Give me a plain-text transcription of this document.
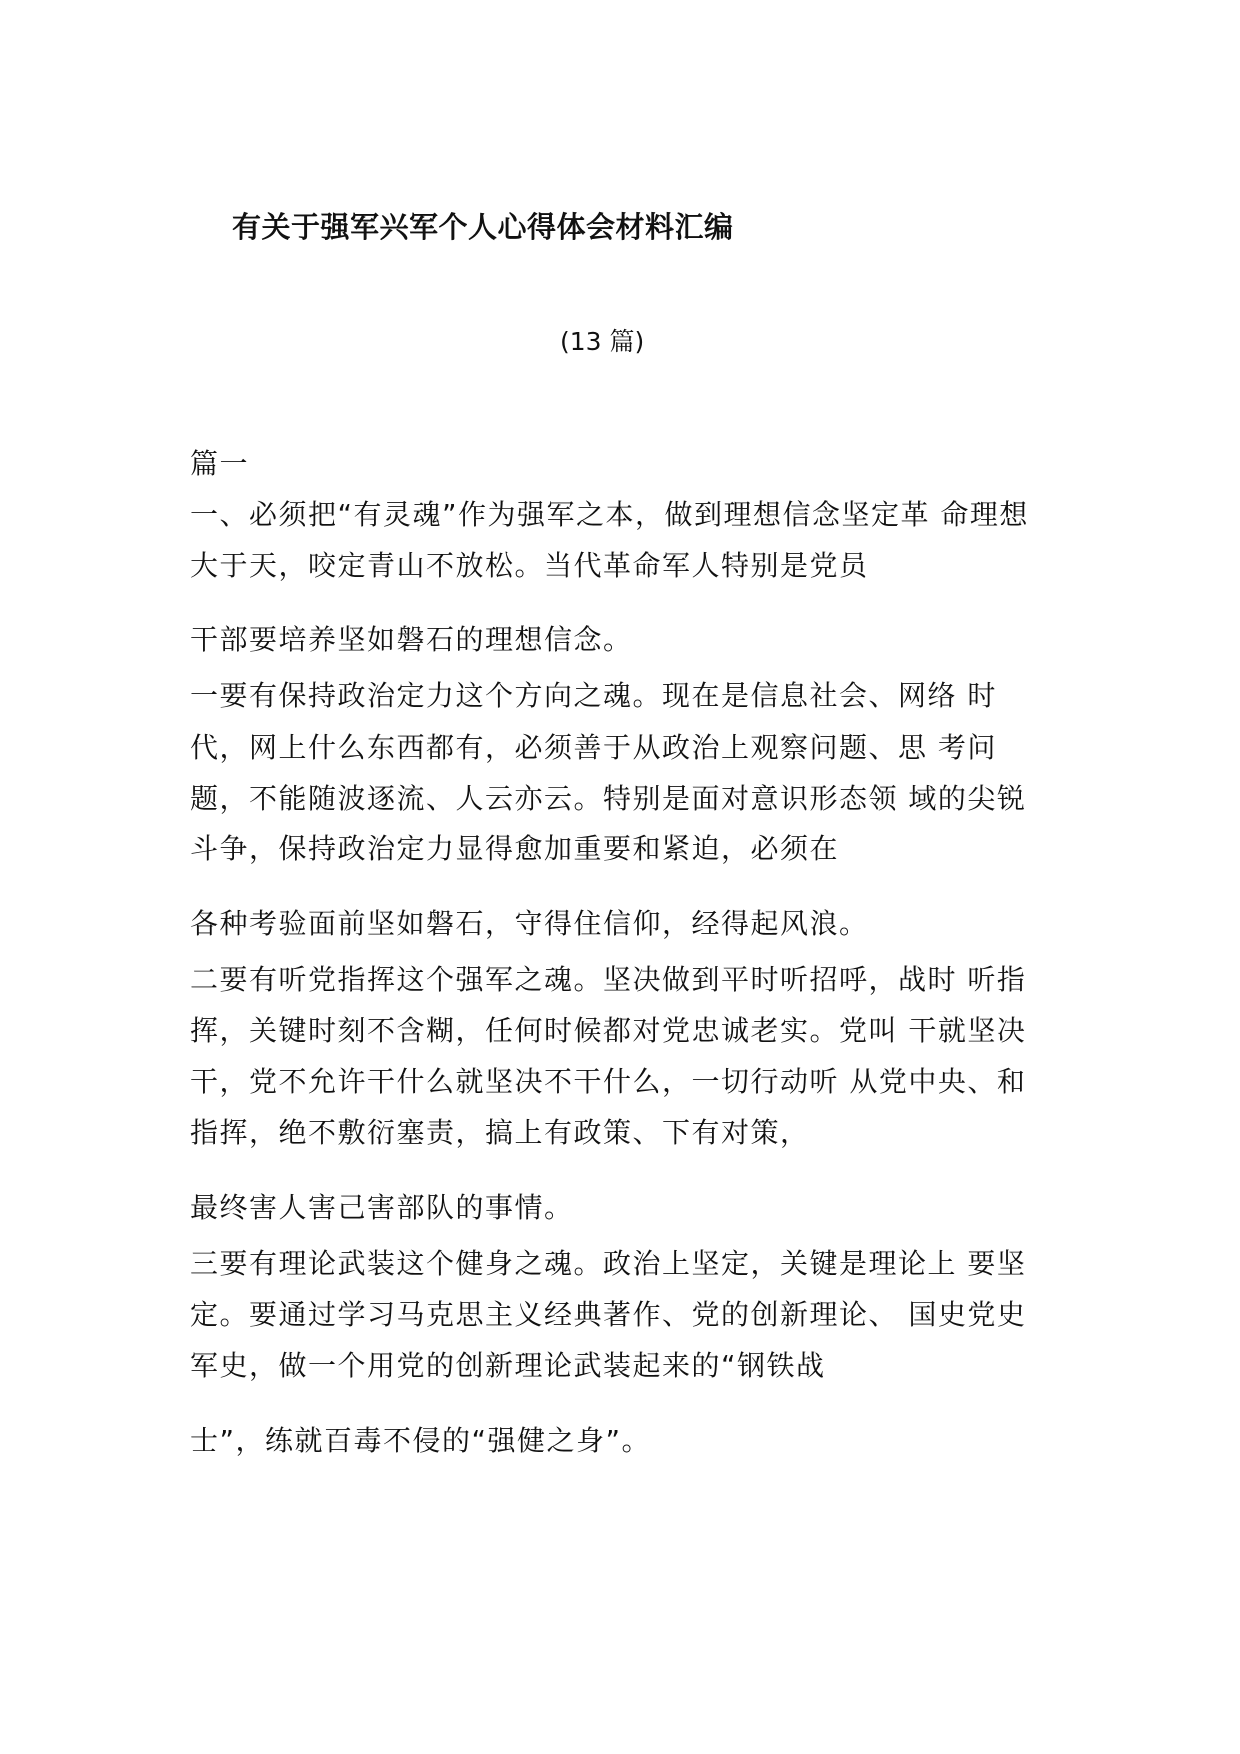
有关于强军兴军个人心得体会材料汇编
(13 篇)
篇一
一、必须把“有灵魂”作为强军之本，做到理想信念坚定革 命理想
大于天，咬定青山不放松。当代革命军人特别是党员
干部要培养坚如磐石的理想信念。
一要有保持政治定力这个方向之魂。现在是信息社会、网络 时
代，网上什么东西都有，必须善于从政治上观察问题、思 考问
题，不能随波逐流、人云亦云。特别是面对意识形态领 域的尖锐
斗争，保持政治定力显得愈加重要和紧迫，必须在
各种考验面前坚如磐石，守得住信仰，经得起风浪。
二要有听党指挥这个强军之魂。坚决做到平时听招呼，战时 听指
挥，关键时刻不含糊，任何时候都对党忠诚老实。党叫 干就坚决
干，党不允许干什么就坚决不干什么，一切行动听 从党中央、和
指挥，绝不敷衍塞责，搞上有政策、下有对策，
最终害人害己害部队的事情。
三要有理论武装这个健身之魂。政治上坚定，关键是理论上 要坚
定。要通过学习马克思主义经典著作、党的创新理论、 国史党史
军史，做一个用党的创新理论武装起来的“钢铁战
士”，练就百毒不侵的“强健之身”。
